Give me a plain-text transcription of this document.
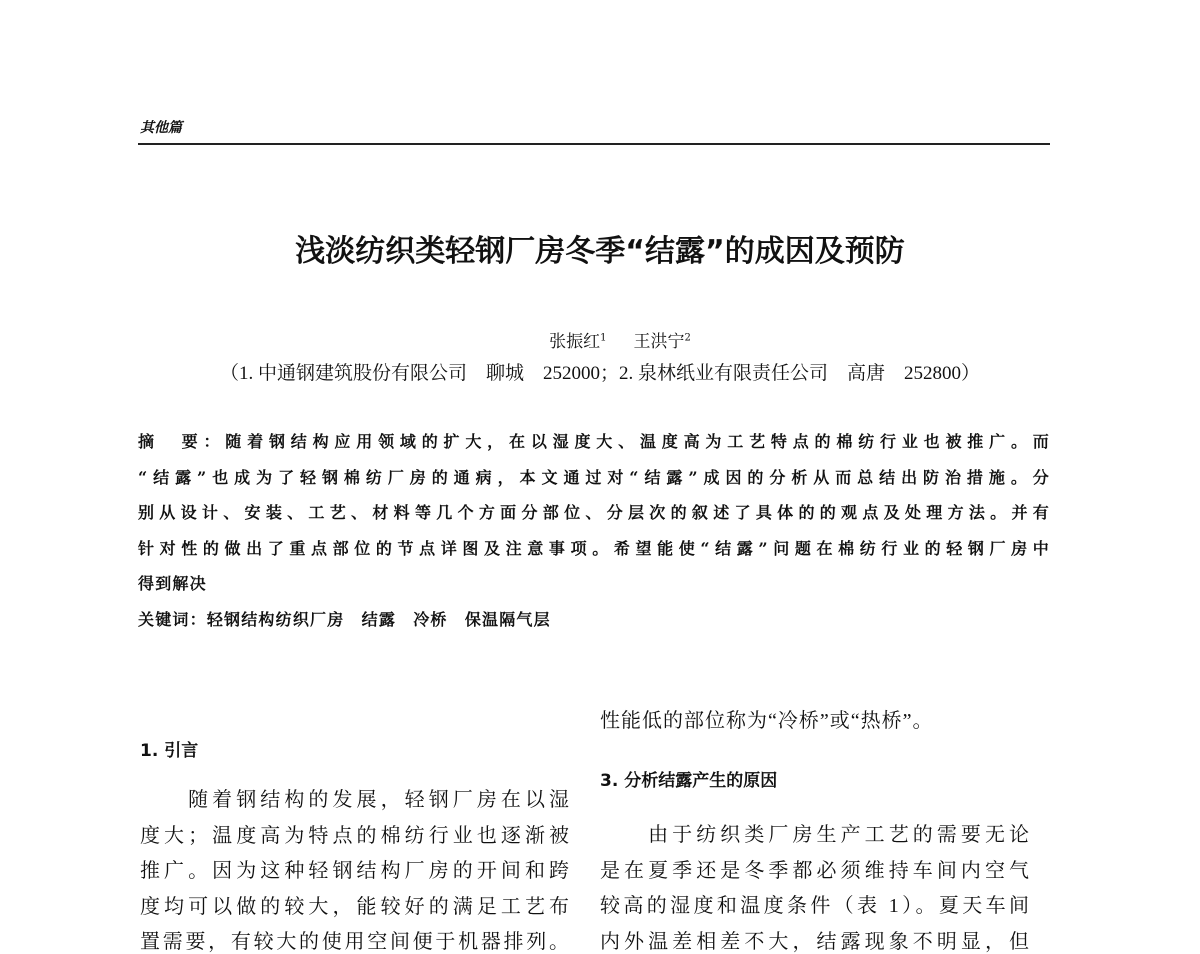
其他篇
浅淡纺织类轻钢厂房冬季“结露”的成因及预防
张振红$^1$ 王洪宁$^2$
（1. 中通钢建筑股份有限公司　聊城　252000；2. 泉林纸业有限责任公司　高唐　252800）
摘　要：随着钢结构应用领域的扩大，在以湿度大、温度高为工艺特点的棉纺行业也被推广。而
“结露”也成为了轻钢棉纺厂房的通病，本文通过对“结露”成因的分析从而总结出防治措施。分
别从设计、安装、工艺、材料等几个方面分部位、分层次的叙述了具体的的观点及处理方法。并有
针对性的做出了重点部位的节点详图及注意事项。希望能使“结露”问题在棉纺行业的轻钢厂房中
得到解决
关键词：轻钢结构纺织厂房　结露　冷桥　保温隔气层
1. 引言
　　随着钢结构的发展，轻钢厂房在以湿
度大；温度高为特点的棉纺行业也逐渐被
推广。因为这种轻钢结构厂房的开间和跨
度均可以做的较大，能较好的满足工艺布
置需要，有较大的使用空间便于机器排列。
性能低的部位称为“冷桥”或“热桥”。
3. 分析结露产生的原因
　　由于纺织类厂房生产工艺的需要无论
是在夏季还是冬季都必须维持车间内空气
较高的湿度和温度条件（表 1）。夏天车间
内外温差相差不大，结露现象不明显，但
